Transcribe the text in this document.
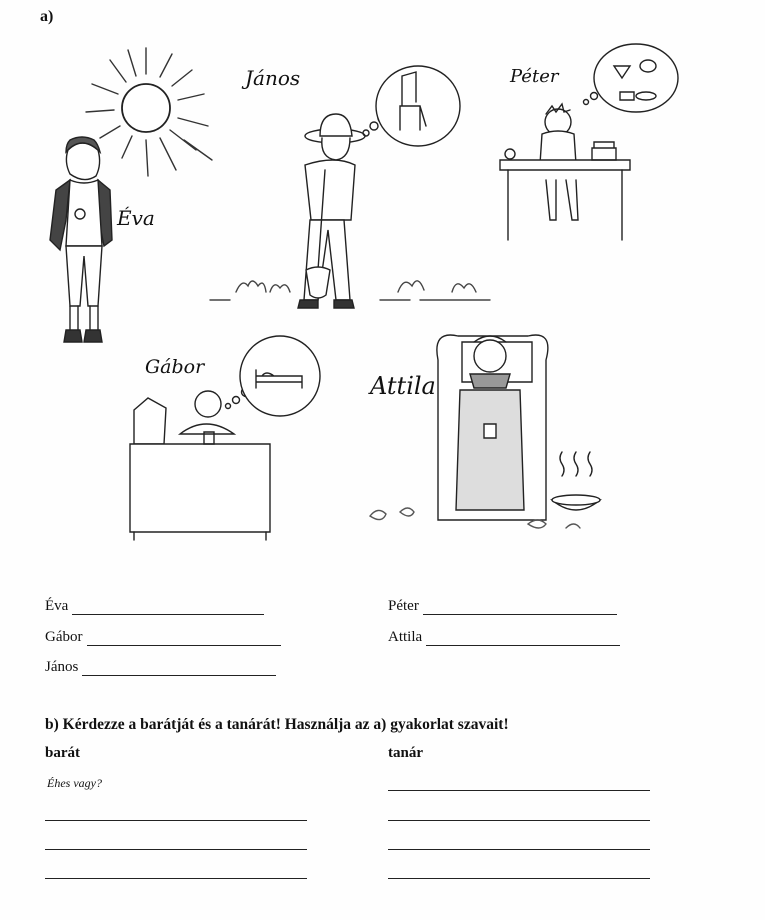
a)
János	Péter
Éva
Gábor
Attila
Éva
Gábor
János
Péter
Attila
b) Kérdezze a barátját és a tanárát! Használja az a) gyakorlat szavait!
barát	tanár
Éhes vagy?
